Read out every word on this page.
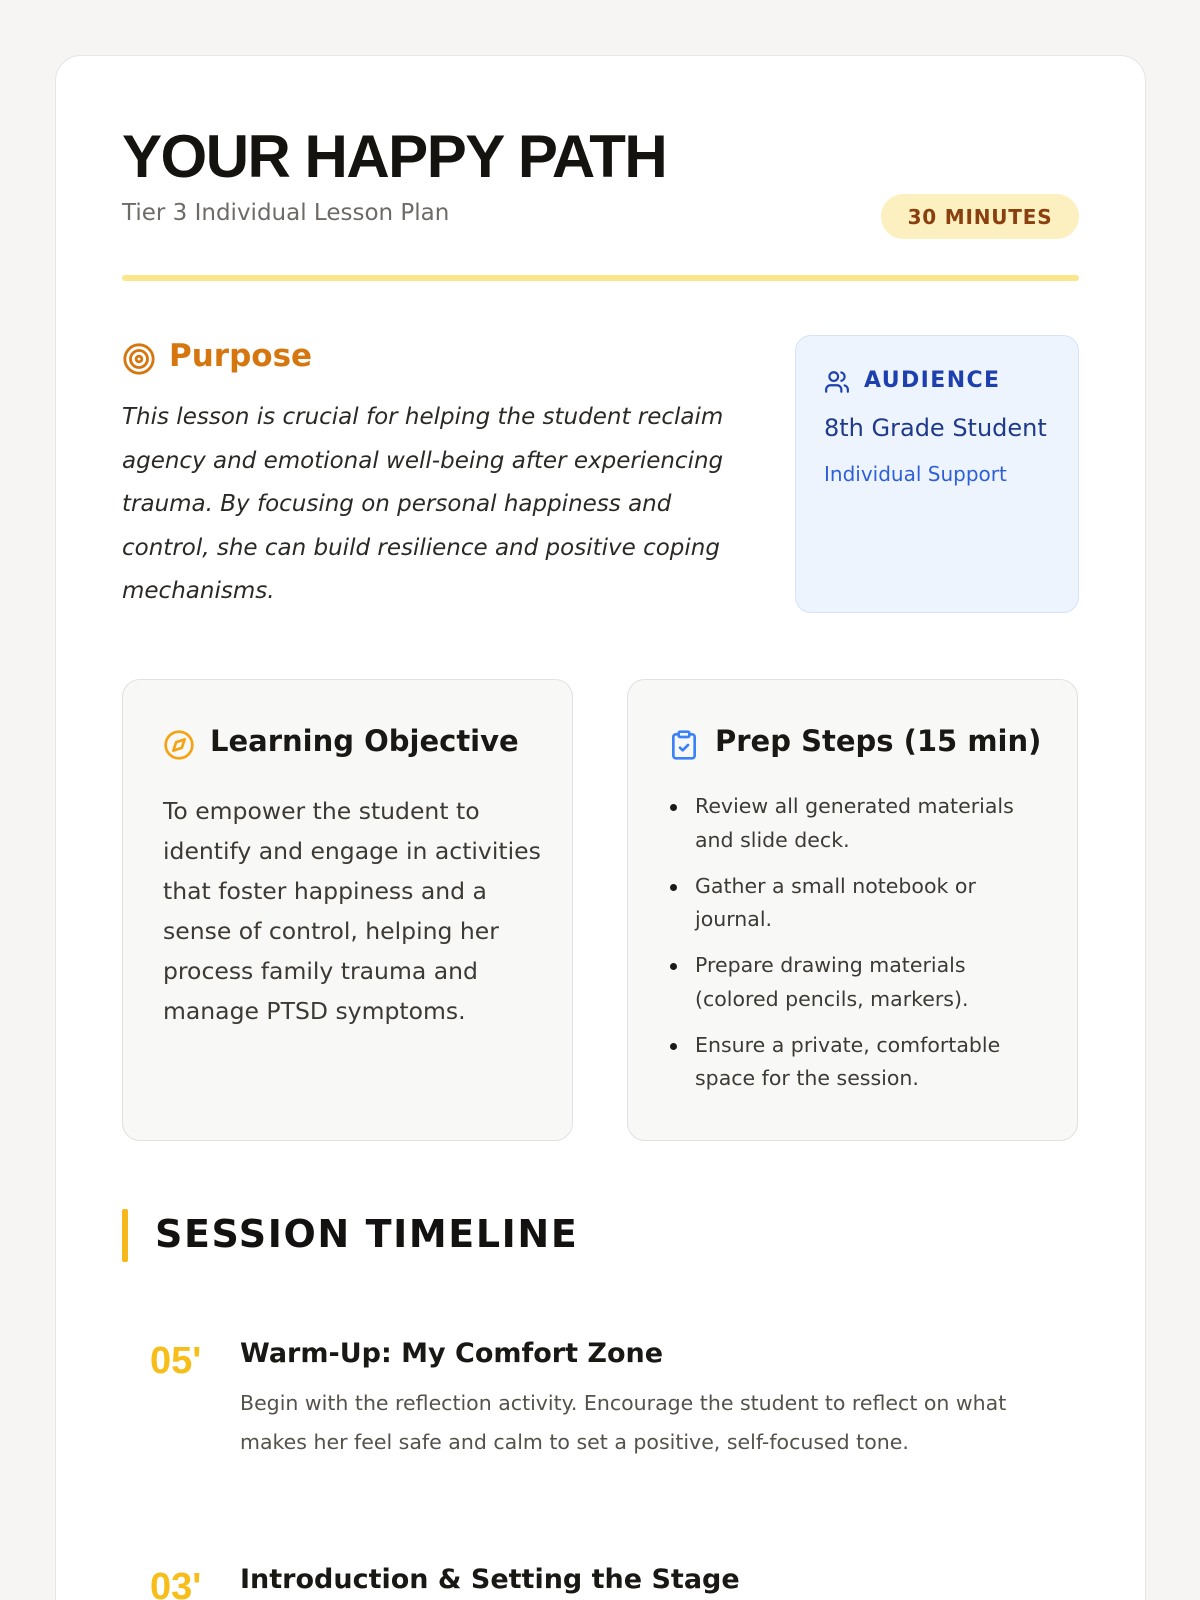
YOUR HAPPY PATH
Tier 3 Individual Lesson Plan	30 MINUTES
Purpose

This lesson is crucial for helping the student reclaim agency and emotional well-being after experiencing trauma. By focusing on personal happiness and control, she can build resilience and positive coping mechanisms.

AUDIENCE
8th Grade Student
Individual Support
Learning Objective

To empower the student to identify and engage in activities that foster happiness and a sense of control, helping her process family trauma and manage PTSD symptoms.

Prep Steps (15 min)
Review all generated materials and slide deck.
Gather a small notebook or journal.
Prepare drawing materials (colored pencils, markers).
Ensure a private, comfortable space for the session.
SESSION TIMELINE
05' Warm-Up: My Comfort Zone

Begin with the reflection activity. Encourage the student to reflect on what makes her feel safe and calm to set a positive, self-focused tone.

03' Introduction & Setting the Stage
